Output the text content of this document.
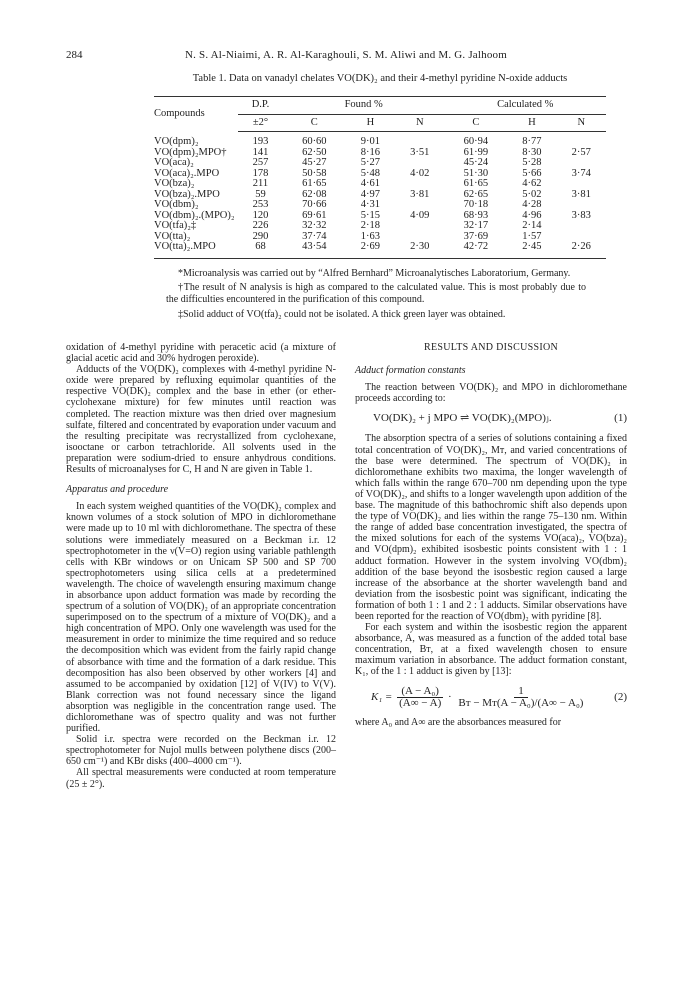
284	N. S. Al-Niaimi, A. R. Al-Karaghouli, S. M. Aliwi and M. G. Jalhoom
Table 1. Data on vanadyl chelates VO(DK)₂ and their 4-methyl pyridine N-oxide adducts
Compounds	D.P.	Found %			Calculated %		
	±2°	C	H	N	C	H	N
VO(dpm)₂	193	60·60	9·01		60·94	8·77	
VO(dpm)₂MPO†	141	62·50	8·16	3·51	61·99	8·30	2·57
VO(aca)₂	257	45·27	5·27		45·24	5·28	
VO(aca)₂.MPO	178	50·58	5·48	4·02	51·30	5·66	3·74
VO(bza)₂	211	61·65	4·61		61·65	4·62	
VO(bza)₂.MPO	59	62·08	4·97	3·81	62·65	5·02	3·81
VO(dbm)₂	253	70·66	4·31		70·18	4·28	
VO(dbm)₂.(MPO)₂	120	69·61	5·15	4·09	68·93	4·96	3·83
VO(tfa)₂‡	226	32·32	2·18		32·17	2·14	
VO(tta)₂	290	37·74	1·63		37·69	1·57	
VO(tta)₂.MPO	68	43·54	2·69	2·30	42·72	2·45	2·26

*Microanalysis was carried out by “Alfred Bernhard” Microanalytisches Laboratorium, Germany.

†The result of N analysis is high as compared to the calculated value. This is most probably due to the difficulties encountered in the purification of this compound.

‡Solid adduct of VO(tfa)₂ could not be isolated. A thick green layer was obtained.

oxidation of 4-methyl pyridine with peracetic acid (a mixture of glacial acetic acid and 30% hydrogen peroxide).

Adducts of the VO(DK)₂ complexes with 4-methyl pyridine N-oxide were prepared by refluxing equimolar quantities of the respective VO(DK)₂ complex and the base in ether (or ether-cyclohexane mixture) for few minutes until reaction was completed. The reaction mixture was then dried over magnesium sulfate, filtered and concentrated by evaporation under vacuum and the resulting precipitate was recrystallized from cyclohexane, isooctane or carbon tetrachloride. All solvents used in the preparation were sodium-dried to ensure anhydrous conditions. Results of microanalyses for C, H and N are given in Table 1.

Apparatus and procedure

In each system weighed quantities of the VO(DK)₂ complex and known volumes of a stock solution of MPO in dichloromethane were made up to 10 ml with dichloromethane. The spectra of these solutions were immediately measured on a Beckman i.r. 12 spectrophotometer in the ν(V=O) region using variable pathlength cells with KBr windows or on Unicam SP 500 and SP 700 spectrophotometers using silica cells at a predetermined wavelength. The choice of wavelength ensuring maximum change in absorbance upon adduct formation was made by recording the spectrum of a solution of VO(DK)₂ of an appropriate concentration superimposed on to the spectrum of a mixture of VO(DK)₂ and a high concentration of MPO. Only one wavelength was used for the measurement in order to minimize the time required and so reduce the decomposition which was evident from the fairly rapid change of absorbance with time and the formation of a dark residue. This decomposition has also been observed by other workers [4] and assumed to be accompanied by oxidation [12] of V(IV) to V(V). Blank correction was not found necessary since the ligand absorption was negligible in the concentration range used. The dichloromethane was of spectro quality and was not further purified.

Solid i.r. spectra were recorded on the Beckman i.r. 12 spectrophotometer for Nujol mulls between polythene discs (200–650 cm⁻¹) and KBr disks (400–4000 cm⁻¹).

All spectral measurements were conducted at room temperature (25 ± 2°).

RESULTS AND DISCUSSION

Adduct formation constants

The reaction between VO(DK)₂ and MPO in dichloromethane proceeds according to:

VO(DK)₂ + j MPO ⇌ VO(DK)₂(MPO)ⱼ.	(1)

The absorption spectra of a series of solutions containing a fixed total concentration of VO(DK)₂, Mᴛ, and varied concentrations of the base were determined. The spectrum of VO(DK)₂ in dichloromethane exhibits two maxima, the longer wavelength of which falls within the range 670–700 nm depending upon the type of VO(DK)₂, and shifts to a longer wavelength upon addition of the base. The magnitude of this bathochromic shift also depends upon the type of VO(DK)₂ and lies within the range 75–130 nm. Within the range of added base concentration investigated, the spectra of the mixed solutions for each of the systems VO(aca)₂, VO(bza)₂ and VO(dpm)₂ exhibited isosbestic points consistent with 1 : 1 adduct formation. However in the system involving VO(dbm)₂ addition of the base beyond the isosbestic region caused a large increase of the absorbance at the shorter wavelength band and deviation from the isosbestic point was significant, indicating the formation of both 1 : 1 and 2 : 1 adducts. Similar observations have been reported for the reaction of VO(dbm)₂ with pyridine [8].

For each system and within the isosbestic region the apparent absorbance, A, was measured as a function of the added total base concentration, Bᴛ, at a fixed wavelength chosen to ensure maximum variation in absorbance. The adduct formation constant, K₁, of the 1 : 1 adduct is given by [13]:

$K_1 = \frac{\text{(A − A₀)}}{(A\infty - A)} \cdot \frac{1}{\text{Bᴛ − Mᴛ(A − A₀)/(A∞ − A₀)}} (2)$

where A₀ and A∞ are the absorbances measured for
